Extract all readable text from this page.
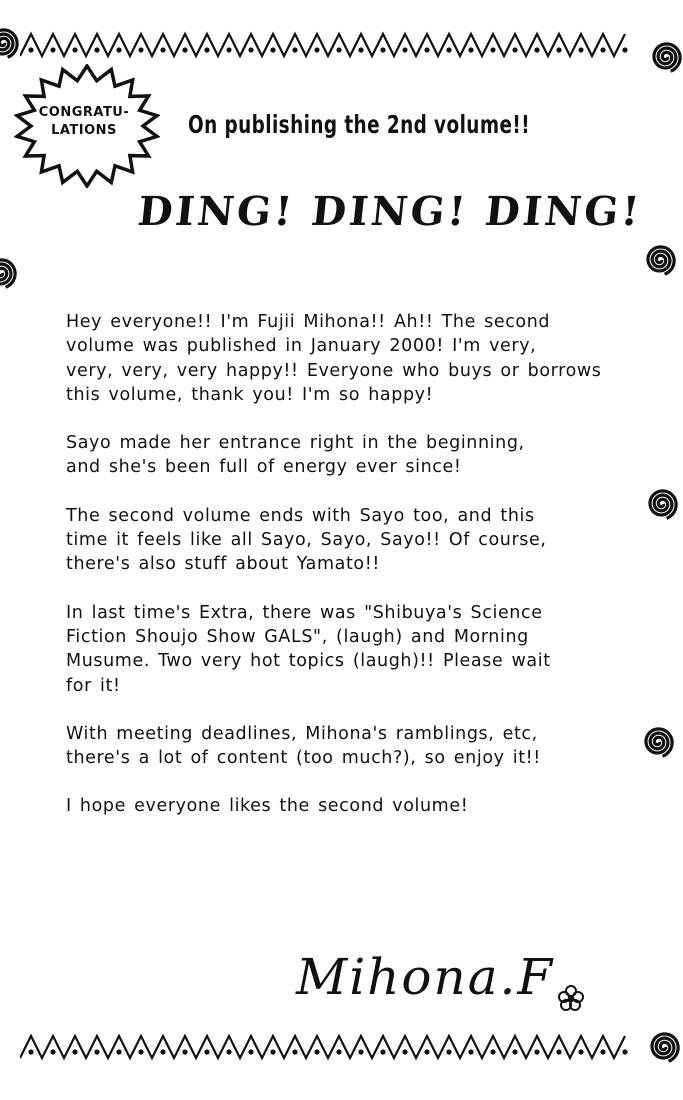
CONGRATU-
LATIONS	On publishing the 2nd volume!!
DING! DING! DING!

Hey everyone!! I'm Fujii Mihona!! Ah!! The second
volume was published in January 2000! I'm very,
very, very, very happy!! Everyone who buys or borrows
this volume, thank you! I'm so happy!

Sayo made her entrance right in the beginning,
and she's been full of energy ever since!

The second volume ends with Sayo too, and this
time it feels like all Sayo, Sayo, Sayo!! Of course,
there's also stuff about Yamato!!

In last time's Extra, there was "Shibuya's Science
Fiction Shoujo Show GALS", (laugh) and Morning
Musume. Two very hot topics (laugh)!! Please wait
for it!

With meeting deadlines, Mihona's ramblings, etc,
there's a lot of content (too much?), so enjoy it!!

I hope everyone likes the second volume!

Mihona.F
